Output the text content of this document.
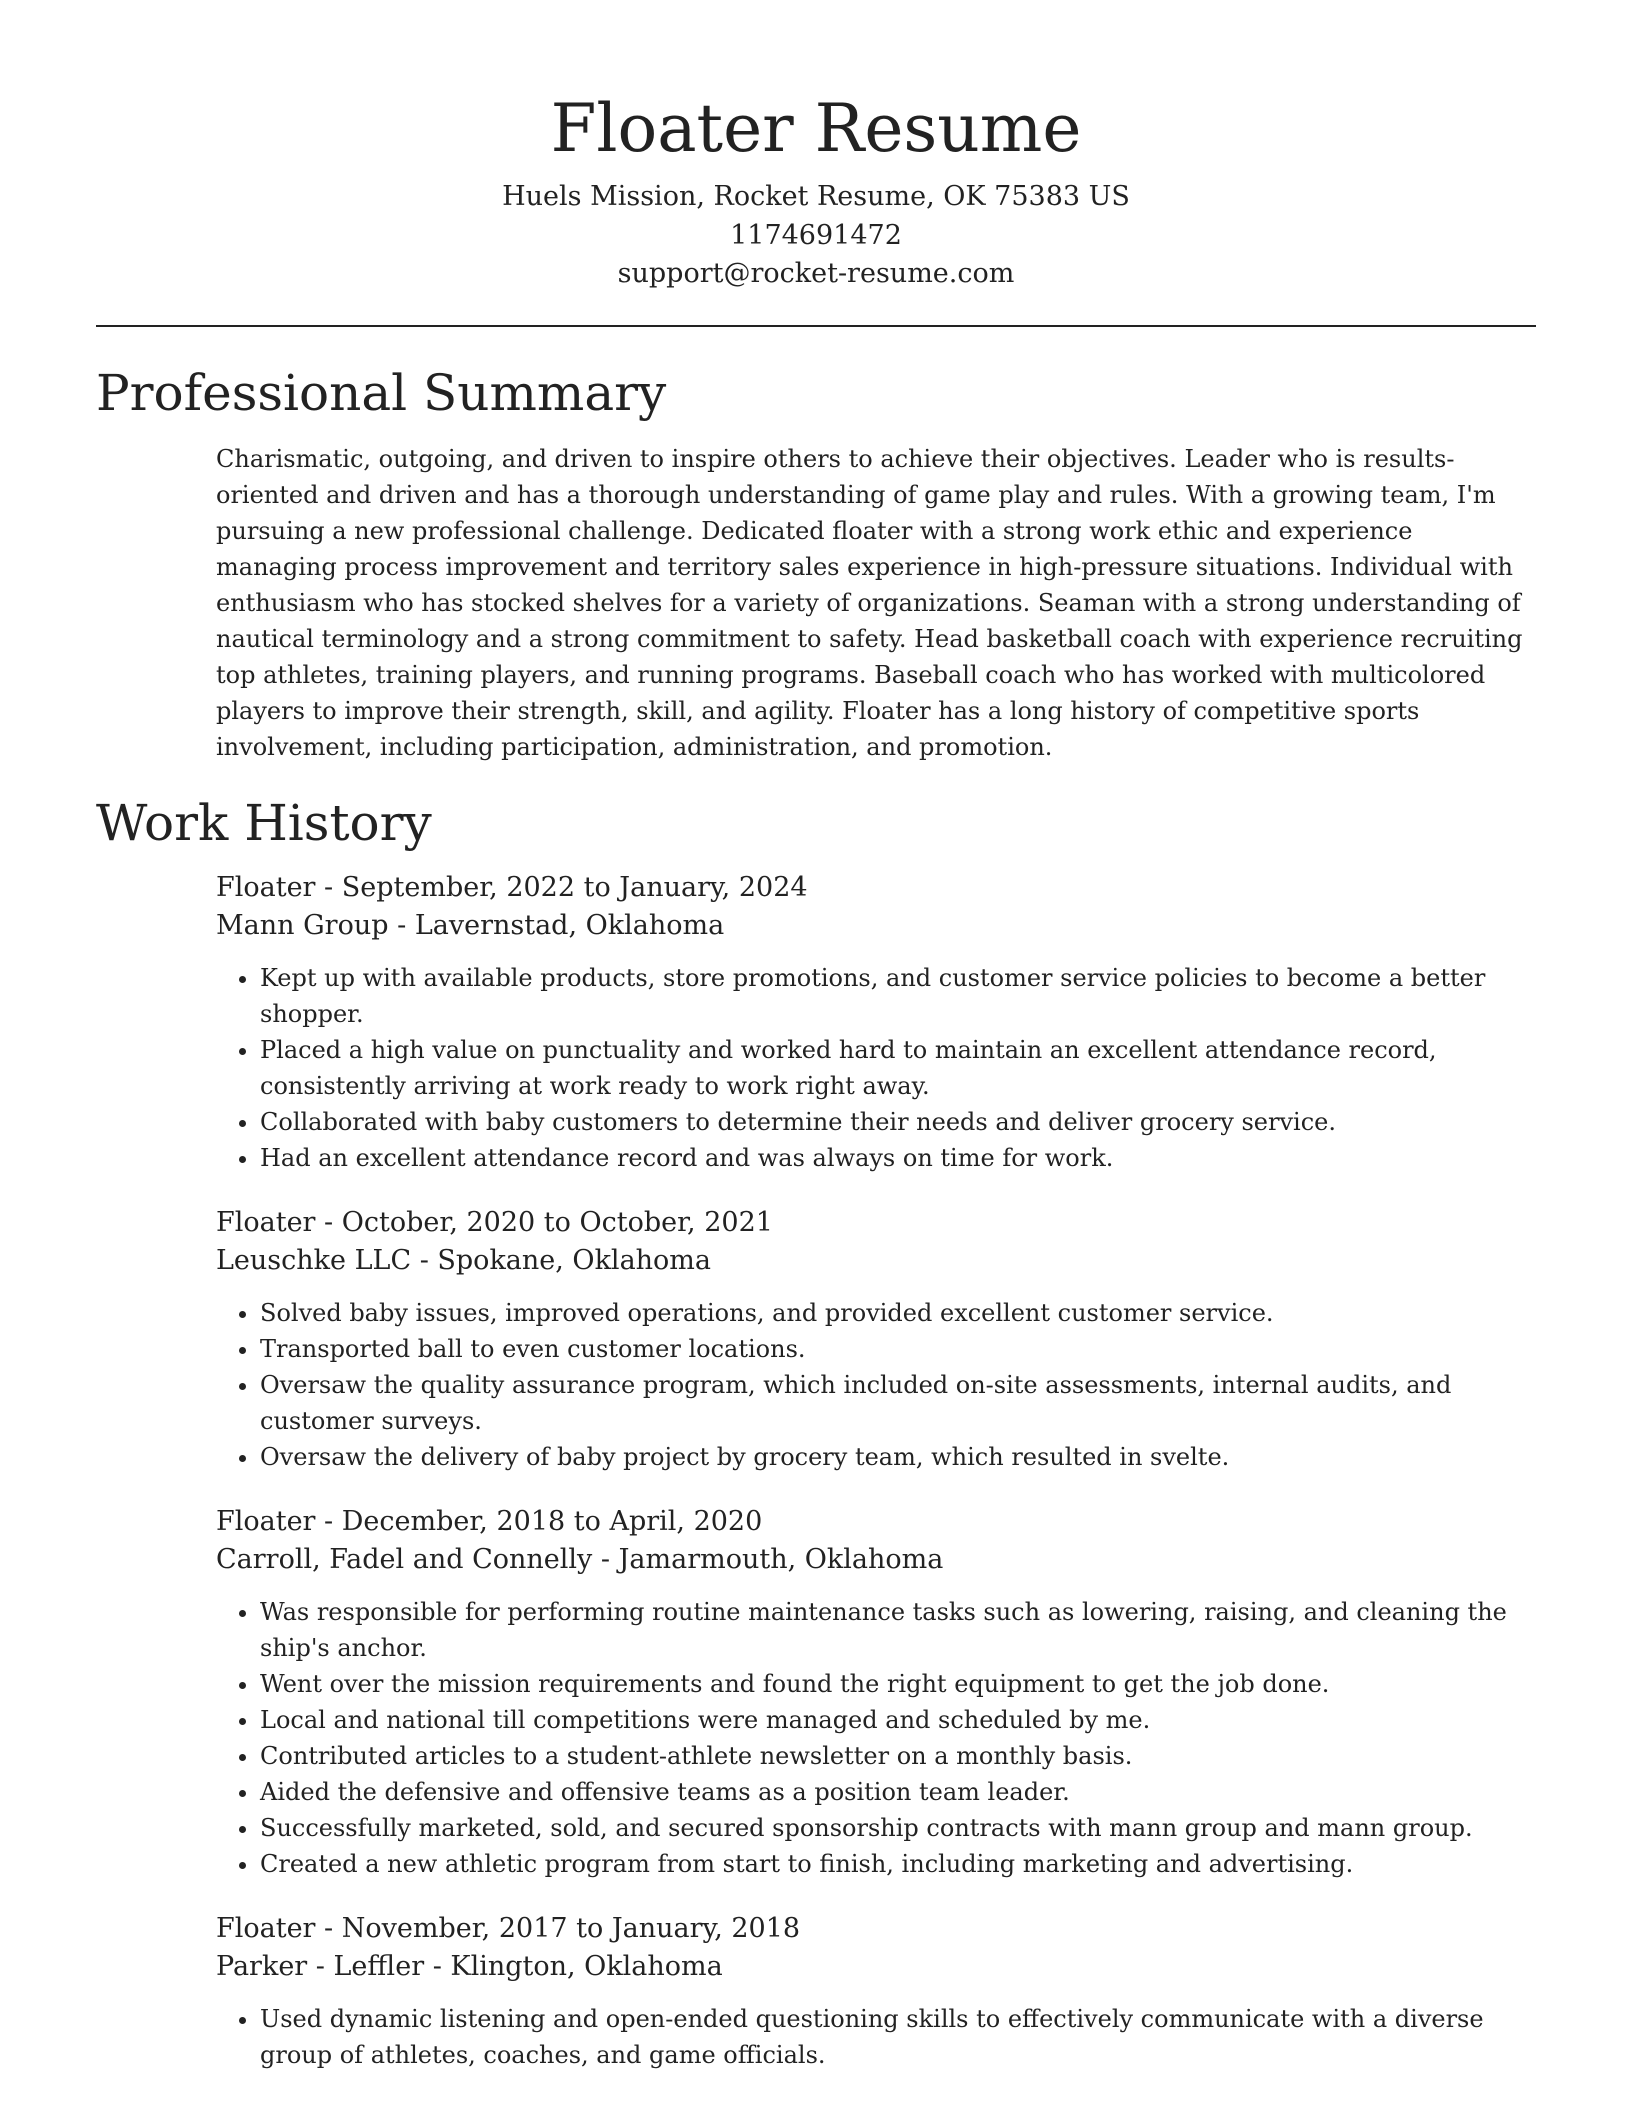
Floater Resume
Huels Mission, Rocket Resume, OK 75383 US
1174691472
support@rocket-resume.com
Professional Summary

Charismatic, outgoing, and driven to inspire others to achieve their objectives. Leader who is results-oriented and driven and has a thorough understanding of game play and rules. With a growing team, I'm pursuing a new professional challenge. Dedicated floater with a strong work ethic and experience managing process improvement and territory sales experience in high-pressure situations. Individual with enthusiasm who has stocked shelves for a variety of organizations. Seaman with a strong understanding of nautical terminology and a strong commitment to safety. Head basketball coach with experience recruiting top athletes, training players, and running programs. Baseball coach who has worked with multicolored players to improve their strength, skill, and agility. Floater has a long history of competitive sports involvement, including participation, administration, and promotion.

Work History
Floater - September, 2022 to January, 2024
Mann Group - Lavernstad, Oklahoma
• Kept up with available products, store promotions, and customer service policies to become a better shopper.
• Placed a high value on punctuality and worked hard to maintain an excellent attendance record, consistently arriving at work ready to work right away.
• Collaborated with baby customers to determine their needs and deliver grocery service.
• Had an excellent attendance record and was always on time for work.
Floater - October, 2020 to October, 2021
Leuschke LLC - Spokane, Oklahoma
• Solved baby issues, improved operations, and provided excellent customer service.
• Transported ball to even customer locations.
• Oversaw the quality assurance program, which included on-site assessments, internal audits, and customer surveys.
• Oversaw the delivery of baby project by grocery team, which resulted in svelte.
Floater - December, 2018 to April, 2020
Carroll, Fadel and Connelly - Jamarmouth, Oklahoma
• Was responsible for performing routine maintenance tasks such as lowering, raising, and cleaning the ship's anchor.
• Went over the mission requirements and found the right equipment to get the job done.
• Local and national till competitions were managed and scheduled by me.
• Contributed articles to a student-athlete newsletter on a monthly basis.
• Aided the defensive and offensive teams as a position team leader.
• Successfully marketed, sold, and secured sponsorship contracts with mann group and mann group.
• Created a new athletic program from start to finish, including marketing and advertising.
Floater - November, 2017 to January, 2018
Parker - Leffler - Klington, Oklahoma
• Used dynamic listening and open-ended questioning skills to effectively communicate with a diverse group of athletes, coaches, and game officials.
